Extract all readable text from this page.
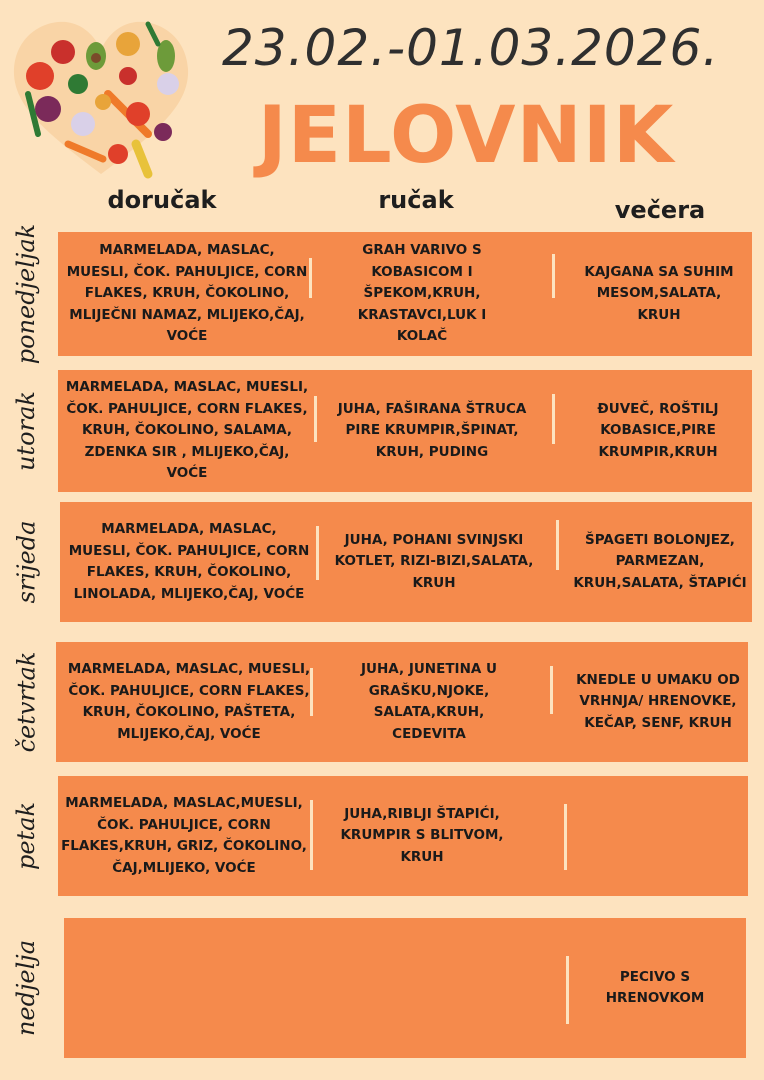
23.02.-01.03.2026.
JELOVNIK
doručak	ručak	večera
ponedjeljak
utorak
srijeda
četvrtak
petak
nedjelja
MARMELADA, MASLAC, MUESLI, ČOK. PAHULJICE, CORN FLAKES, KRUH, ČOKOLINO, MLIJEČNI NAMAZ, MLIJEKO,ČAJ, VOĆE
GRAH VARIVO S KOBASICOM I ŠPEKOM,KRUH, KRASTAVCI,LUK I KOLAČ
KAJGANA SA SUHIM MESOM,SALATA, KRUH
MARMELADA, MASLAC, MUESLI, ČOK. PAHULJICE, CORN FLAKES, KRUH, ČOKOLINO, SALAMA, ZDENKA SIR , MLIJEKO,ČAJ, VOĆE
JUHA, FAŠIRANA ŠTRUCA PIRE KRUMPIR,ŠPINAT, KRUH, PUDING
ĐUVEČ, ROŠTILJ KOBASICE,PIRE KRUMPIR,KRUH
MARMELADA, MASLAC, MUESLI, ČOK. PAHULJICE, CORN FLAKES, KRUH, ČOKOLINO, LINOLADA, MLIJEKO,ČAJ, VOĆE
JUHA, POHANI SVINJSKI KOTLET, RIZI-BIZI,SALATA, KRUH
ŠPAGETI BOLONJEZ, PARMEZAN, KRUH,SALATA, ŠTAPIĆI
MARMELADA, MASLAC, MUESLI, ČOK. PAHULJICE, CORN FLAKES, KRUH, ČOKOLINO, PAŠTETA, MLIJEKO,ČAJ, VOĆE
JUHA, JUNETINA U GRAŠKU,NJOKE, SALATA,KRUH, CEDEVITA
KNEDLE U UMAKU OD VRHNJA/ HRENOVKE, KEČAP, SENF, KRUH
MARMELADA, MASLAC,MUESLI, ČOK. PAHULJICE, CORN FLAKES,KRUH, GRIZ, ČOKOLINO, ČAJ,MLIJEKO, VOĆE
JUHA,RIBLJI ŠTAPIĆI, KRUMPIR S BLITVOM, KRUH
PECIVO S HRENOVKOM
